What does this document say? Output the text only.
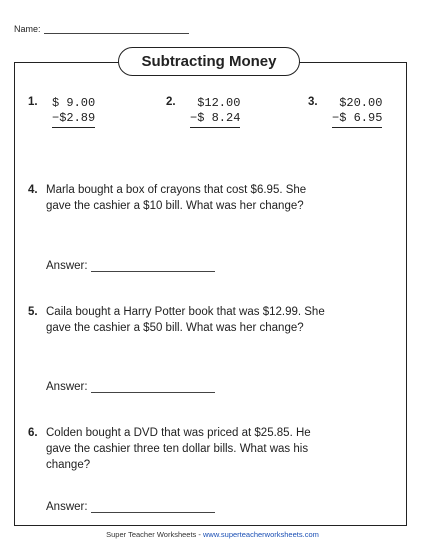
Name:
Subtracting Money
1.	$ 9.00
−$2.89
2.	$12.00
−$ 8.24
3.	$20.00
−$ 6.95
4. Marla bought a box of crayons that cost $6.95. She gave the cashier a $10 bill. What was her change?
Answer:
5. Caila bought a Harry Potter book that was $12.99. She gave the cashier a $50 bill. What was her change?
Answer:
6. Colden bought a DVD that was priced at $25.85. He gave the cashier three ten dollar bills. What was his change?
Answer:
Super Teacher Worksheets - www.superteacherworksheets.com
